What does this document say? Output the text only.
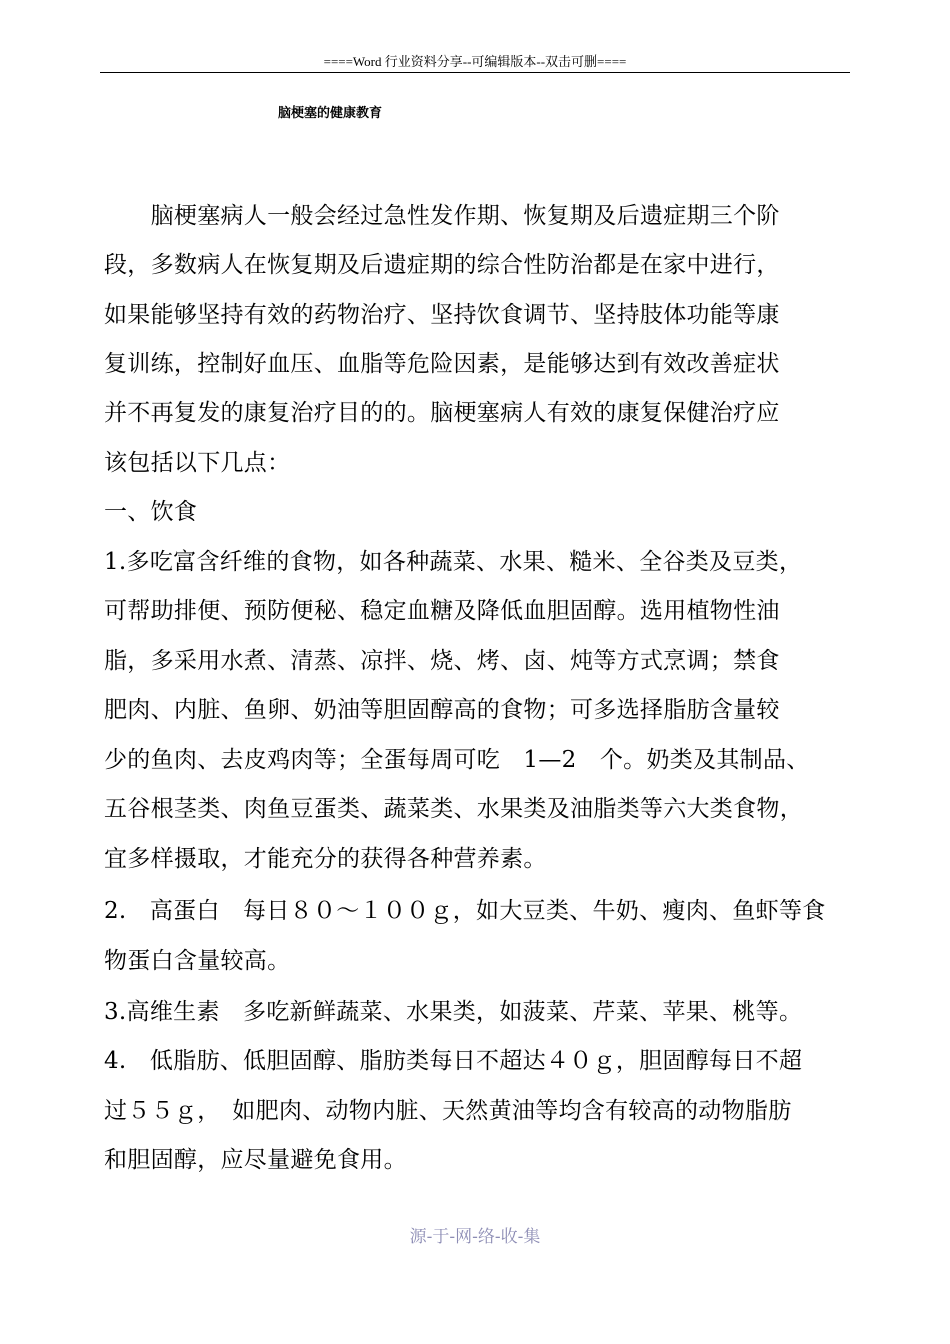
====Word 行业资料分享--可编辑版本--双击可删====
脑梗塞的健康教育
　　脑梗塞病人一般会经过急性发作期、恢复期及后遗症期三个阶
段，多数病人在恢复期及后遗症期的综合性防治都是在家中进行，
如果能够坚持有效的药物治疗、坚持饮食调节、坚持肢体功能等康
复训练，控制好血压、血脂等危险因素，是能够达到有效改善症状
并不再复发的康复治疗目的的。脑梗塞病人有效的康复保健治疗应
该包括以下几点：
一、饮食
1.多吃富含纤维的食物，如各种蔬菜、水果、糙米、全谷类及豆类，
可帮助排便、预防便秘、稳定血糖及降低血胆固醇。选用植物性油
脂，多采用水煮、清蒸、凉拌、烧、烤、卤、炖等方式烹调；禁食
肥肉、内脏、鱼卵、奶油等胆固醇高的食物；可多选择脂肪含量较
少的鱼肉、去皮鸡肉等；全蛋每周可吃　1—2　个。奶类及其制品、
五谷根茎类、肉鱼豆蛋类、蔬菜类、水果类及油脂类等六大类食物，
宜多样摄取，才能充分的获得各种营养素。
2.　高蛋白　每日８０～１００ｇ，如大豆类、牛奶、瘦肉、鱼虾等食
物蛋白含量较高。
3.高维生素　多吃新鲜蔬菜、水果类，如菠菜、芹菜、苹果、桃等。
4.　低脂肪、低胆固醇、脂肪类每日不超达４０ｇ，胆固醇每日不超
过５５ｇ，　如肥肉、动物内脏、天然黄油等均含有较高的动物脂肪
和胆固醇，应尽量避免食用。
源-于-网-络-收-集
